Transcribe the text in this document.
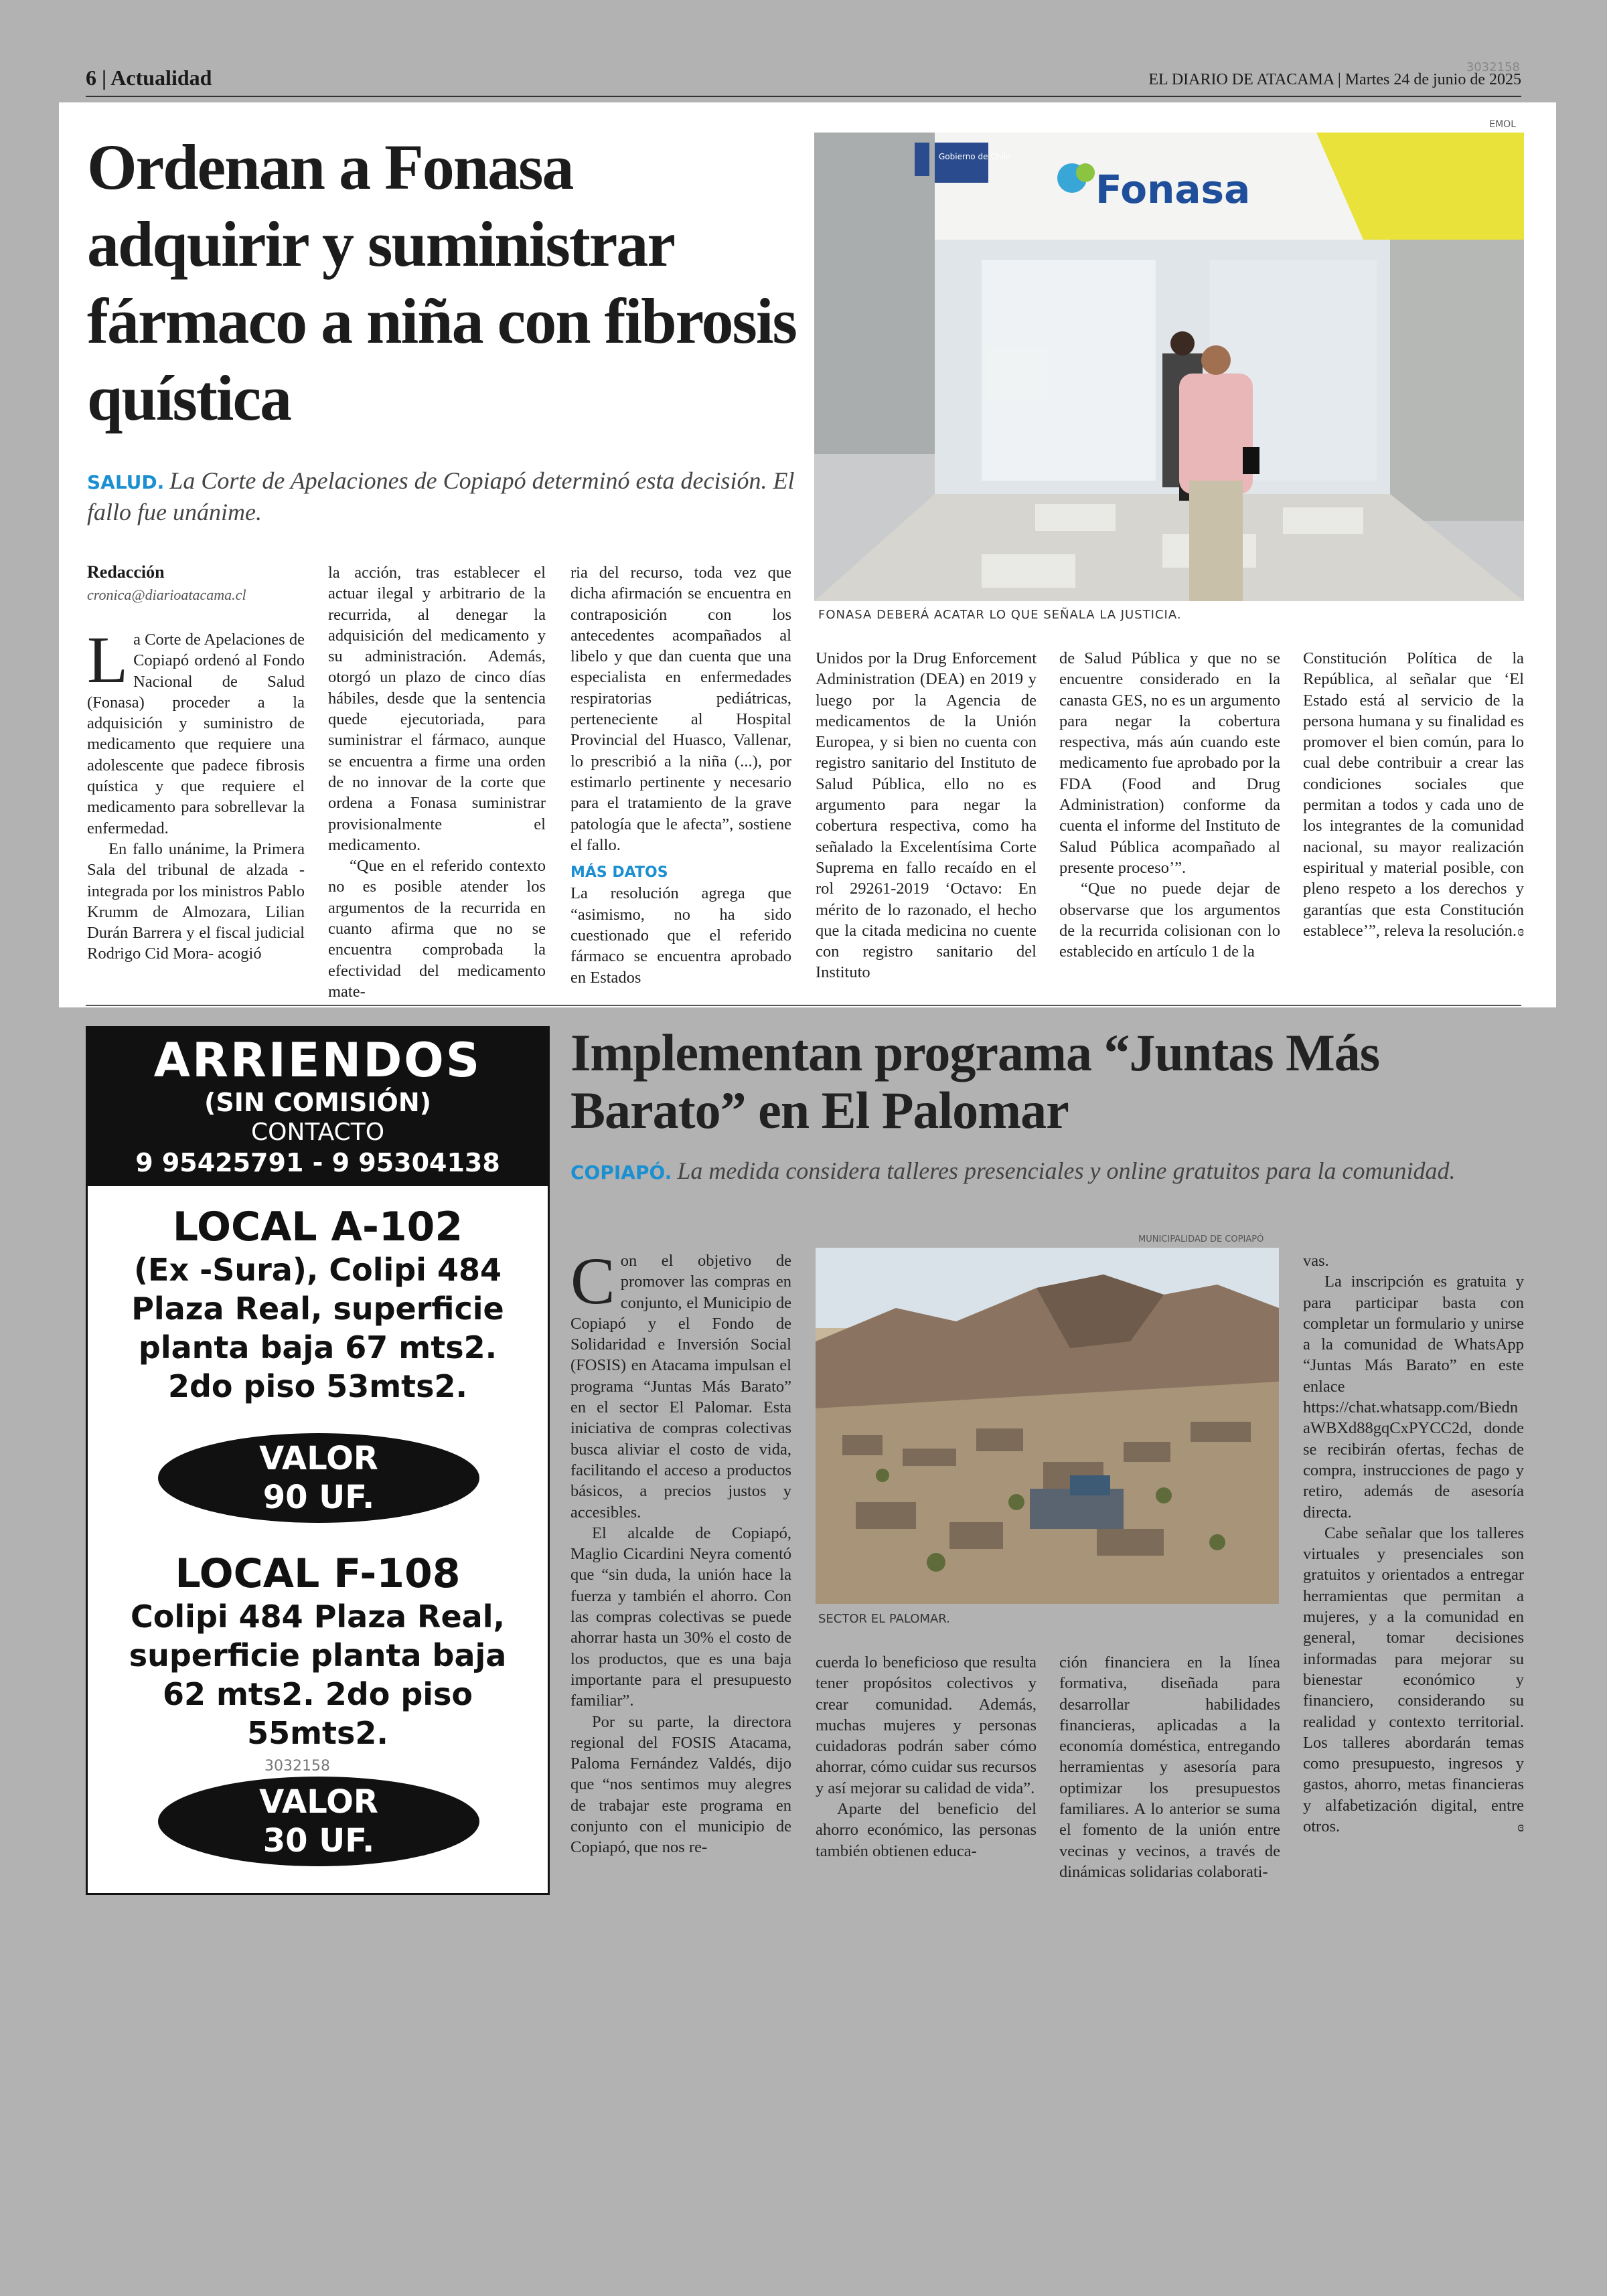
6 | Actualidad	3032158
EL DIARIO DE ATACAMA | Martes 24 de junio de 2025
Ordenan a Fonasa adquirir y suministrar fármaco a niña con fibrosis quística
SALUD. La Corte de Apelaciones de Copiapó determinó esta decisión. El fallo fue unánime.
EMOL
Gobierno de Chile
Fonasa
FONASA DEBERÁ ACATAR LO QUE SEÑALA LA JUSTICIA.
Redacción
cronica@diarioatacama.cl
L a Corte de Apelaciones de Copiapó ordenó al Fondo Nacional de Salud (Fonasa) proceder a la adquisición y suministro de medicamento que requiere una adolescente que padece fibrosis quística y que requiere el medicamento para sobrellevar la enfermedad.

En fallo unánime, la Primera Sala del tribunal de alzada -integrada por los ministros Pablo Krumm de Almozara, Lilian Durán Barrera y el fiscal judicial Rodrigo Cid Mora- acogió

la acción, tras establecer el actuar ilegal y arbitrario de la recurrida, al denegar la adquisición del medicamento y su administración. Además, otorgó un plazo de cinco días hábiles, desde que la sentencia quede ejecutoriada, para suministrar el fármaco, aunque se encuentra a firme una orden de no innovar de la corte que ordena a Fonasa suministrar provisionalmente el medicamento.

“Que en el referido contexto no es posible atender los argumentos de la recurrida en cuanto afirma que no se encuentra comprobada la efectividad del medicamento mate-

ria del recurso, toda vez que dicha afirmación se encuentra en contraposición con los antecedentes acompañados al libelo y que dan cuenta que una especialista en enfermedades respiratorias pediátricas, perteneciente al Hospital Provincial del Huasco, Vallenar, lo prescribió a la niña (...), por estimarlo pertinente y necesario para el tratamiento de la grave patología que le afecta”, sostiene el fallo.

MÁS DATOS

La resolución agrega que “asimismo, no ha sido cuestionado que el referido fármaco se encuentra aprobado en Estados

Unidos por la Drug Enforcement Administration (DEA) en 2019 y luego por la Agencia de medicamentos de la Unión Europea, y si bien no cuenta con registro sanitario del Instituto de Salud Pública, ello no es argumento para negar la cobertura respectiva, como ha señalado la Excelentísima Corte Suprema en fallo recaído en el rol 29261-2019 ‘Octavo: En mérito de lo razonado, el hecho que la citada medicina no cuente con registro sanitario del Instituto

de Salud Pública y que no se encuentre considerado en la canasta GES, no es un argumento para negar la cobertura respectiva, más aún cuando este medicamento fue aprobado por la FDA (Food and Drug Administration) conforme da cuenta el informe del Instituto de Salud Pública acompañado al presente proceso’”.

“Que no puede dejar de observarse que los argumentos de la recurrida colisionan con lo establecido en artículo 1 de la

Constitución Política de la República, al señalar que ‘El Estado está al servicio de la persona humana y su finalidad es promover el bien común, para lo cual debe contribuir a crear las condiciones sociales que permitan a todos y cada uno de los integrantes de la comunidad nacional, su mayor realización espiritual y material posible, con pleno respeto a los derechos y garantías que esta Constitución establece’”, releva la resolución. ɞ

ARRIENDOS
(SIN COMISIÓN)
CONTACTO
9 95425791 - 9 95304138
LOCAL A-102
(Ex -Sura), Colipi 484
Plaza Real, superficie
planta baja 67 mts2.
2do piso 53mts2.
VALOR
90 UF.
LOCAL F-108
Colipi 484 Plaza Real,
superficie planta baja
62 mts2. 2do piso
55mts2.
VALOR
30 UF.
3032158
Implementan programa “Juntas Más Barato” en El Palomar
COPIAPÓ. La medida considera talleres presenciales y online gratuitos para la comunidad.
MUNICIPALIDAD DE COPIAPÓ
SECTOR EL PALOMAR.
C on el objetivo de promover las compras en conjunto, el Municipio de Copiapó y el Fondo de Solidaridad e Inversión Social (FOSIS) en Atacama impulsan el programa “Juntas Más Barato” en el sector El Palomar. Esta iniciativa de compras colectivas busca aliviar el costo de vida, facilitando el acceso a productos básicos, a precios justos y accesibles.

El alcalde de Copiapó, Maglio Cicardini Neyra comentó que “sin duda, la unión hace la fuerza y también el ahorro. Con las compras colectivas se puede ahorrar hasta un 30% el costo de los productos, que es una baja importante para el presupuesto familiar”.

Por su parte, la directora regional del FOSIS Atacama, Paloma Fernández Valdés, dijo que “nos sentimos muy alegres de trabajar este programa en conjunto con el municipio de Copiapó, que nos re-

cuerda lo beneficioso que resulta tener propósitos colectivos y crear comunidad. Además, muchas mujeres y personas cuidadoras podrán saber cómo ahorrar, cómo cuidar sus recursos y así mejorar su calidad de vida”.

Aparte del beneficio del ahorro económico, las personas también obtienen educa-

ción financiera en la línea formativa, diseñada para desarrollar habilidades financieras, aplicadas a la economía doméstica, entregando herramientas y asesoría para optimizar los presupuestos familiares. A lo anterior se suma el fomento de la unión entre vecinas y vecinos, a través de dinámicas solidarias colaborati-

vas.

La inscripción es gratuita y para participar basta con completar un formulario y unirse a la comunidad de WhatsApp “Juntas Más Barato” en este enlace https://chat.whatsapp.com/BiednaWBXd88gqCxPYCC2d, donde se recibirán ofertas, fechas de compra, instrucciones de pago y retiro, además de asesoría directa.

Cabe señalar que los talleres virtuales y presenciales son gratuitos y orientados a entregar herramientas que permitan a mujeres, y a la comunidad en general, tomar decisiones informadas para mejorar su bienestar económico y financiero, considerando su realidad y contexto territorial. Los talleres abordarán temas como presupuesto, ingresos y gastos, ahorro, metas financieras y alfabetización digital, entre otros.	ɞ
